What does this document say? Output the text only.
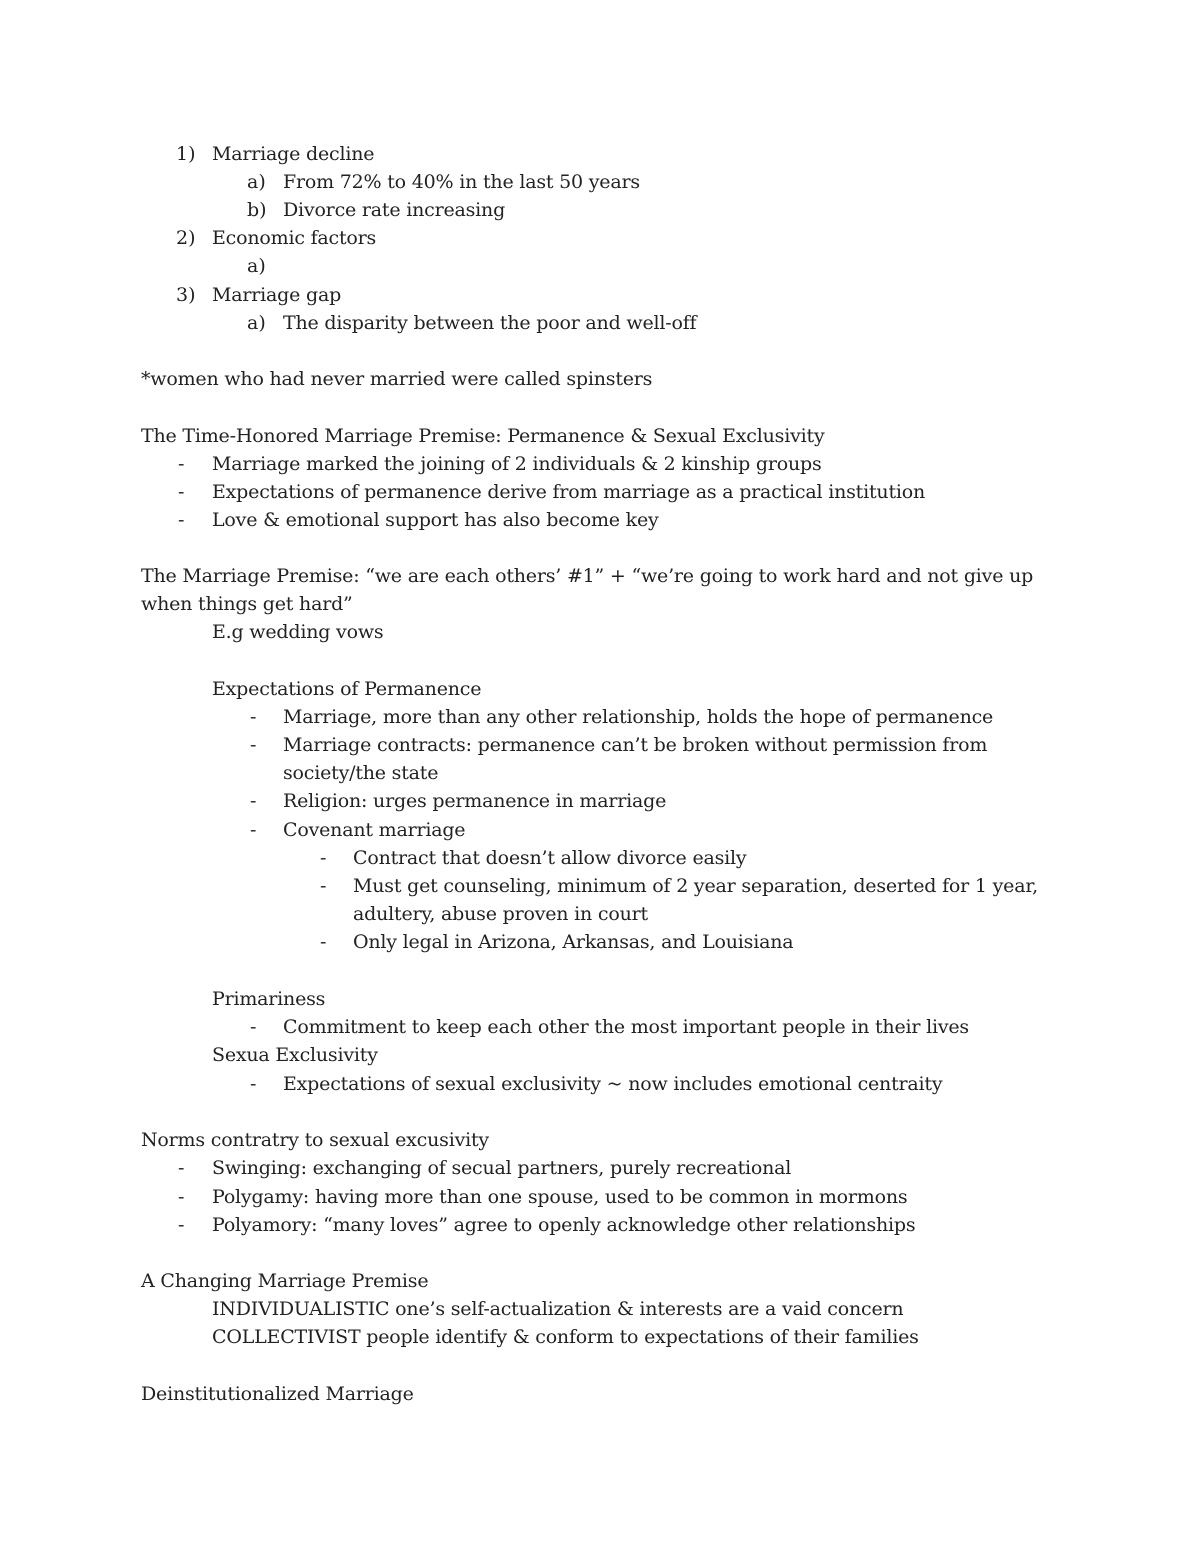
1) Marriage decline
a) From 72% to 40% in the last 50 years
b) Divorce rate increasing
2) Economic factors
a)
3) Marriage gap
a) The disparity between the poor and well-off
*women who had never married were called spinsters
The Time-Honored Marriage Premise: Permanence & Sexual Exclusivity
- Marriage marked the joining of 2 individuals & 2 kinship groups
- Expectations of permanence derive from marriage as a practical institution
- Love & emotional support has also become key
The Marriage Premise: “we are each others’ #1” + “we’re going to work hard and not give up
when things get hard”
E.g wedding vows
Expectations of Permanence
- Marriage, more than any other relationship, holds the hope of permanence
- Marriage contracts: permanence can’t be broken without permission from
society/the state
- Religion: urges permanence in marriage
- Covenant marriage
- Contract that doesn’t allow divorce easily
- Must get counseling, minimum of 2 year separation, deserted for 1 year,
adultery, abuse proven in court
- Only legal in Arizona, Arkansas, and Louisiana
Primariness
- Commitment to keep each other the most important people in their lives
Sexua Exclusivity
- Expectations of sexual exclusivity ~ now includes emotional centraity
Norms contratry to sexual excusivity
- Swinging: exchanging of secual partners, purely recreational
- Polygamy: having more than one spouse, used to be common in mormons
- Polyamory: “many loves” agree to openly acknowledge other relationships
A Changing Marriage Premise
INDIVIDUALISTIC one’s self-actualization & interests are a vaid concern
COLLECTIVIST people identify & conform to expectations of their families
Deinstitutionalized Marriage
